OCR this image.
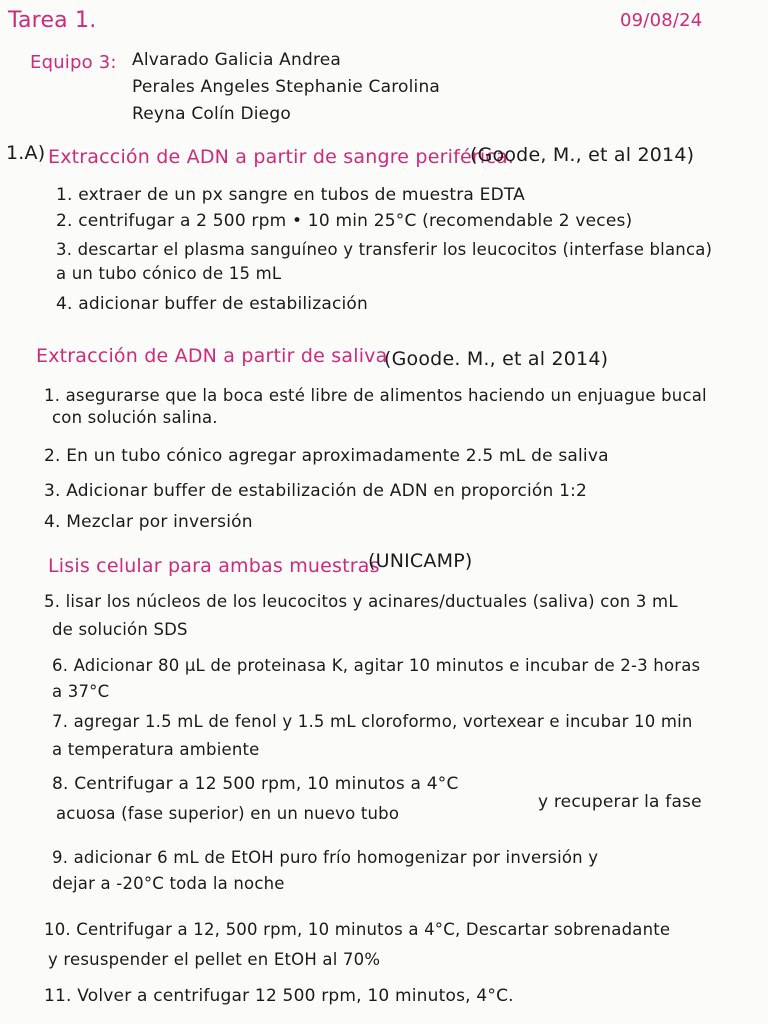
Tarea 1.	09/08/24
Equipo 3: Alvarado Galicia Andrea
Perales Angeles Stephanie Carolina
Reyna Colín Diego
1.A) Extracción de ADN a partir de sangre periférica.
(Goode, M., et al 2014)
1. extraer de un px sangre en tubos de muestra EDTA
2. centrifugar a 2 500 rpm • 10 min 25°C (recomendable 2 veces)
3. descartar el plasma sanguíneo y transferir los leucocitos (interfase blanca)
a un tubo cónico de 15 mL
4. adicionar buffer de estabilización
Extracción de ADN a partir de saliva
(Goode. M., et al 2014)
1. asegurarse que la boca esté libre de alimentos haciendo un enjuague bucal
con solución salina.
2. En un tubo cónico agregar aproximadamente 2.5 mL de saliva
3. Adicionar buffer de estabilización de ADN en proporción 1:2
4. Mezclar por inversión
Lisis celular para ambas muestras
(UNICAMP)
5. lisar los núcleos de los leucocitos y acinares/ductuales (saliva) con 3 mL
de solución SDS
6. Adicionar 80 µL de proteinasa K, agitar 10 minutos e incubar de 2-3 horas
a 37°C
7. agregar 1.5 mL de fenol y 1.5 mL cloroformo, vortexear e incubar 10 min
a temperatura ambiente
8. Centrifugar a 12 500 rpm, 10 minutos a 4°C
y recuperar la fase
acuosa (fase superior) en un nuevo tubo
9. adicionar 6 mL de EtOH puro frío homogenizar por inversión y
dejar a -20°C toda la noche
10. Centrifugar a 12, 500 rpm, 10 minutos a 4°C, Descartar sobrenadante
y resuspender el pellet en EtOH al 70%
11. Volver a centrifugar 12 500 rpm, 10 minutos, 4°C.
